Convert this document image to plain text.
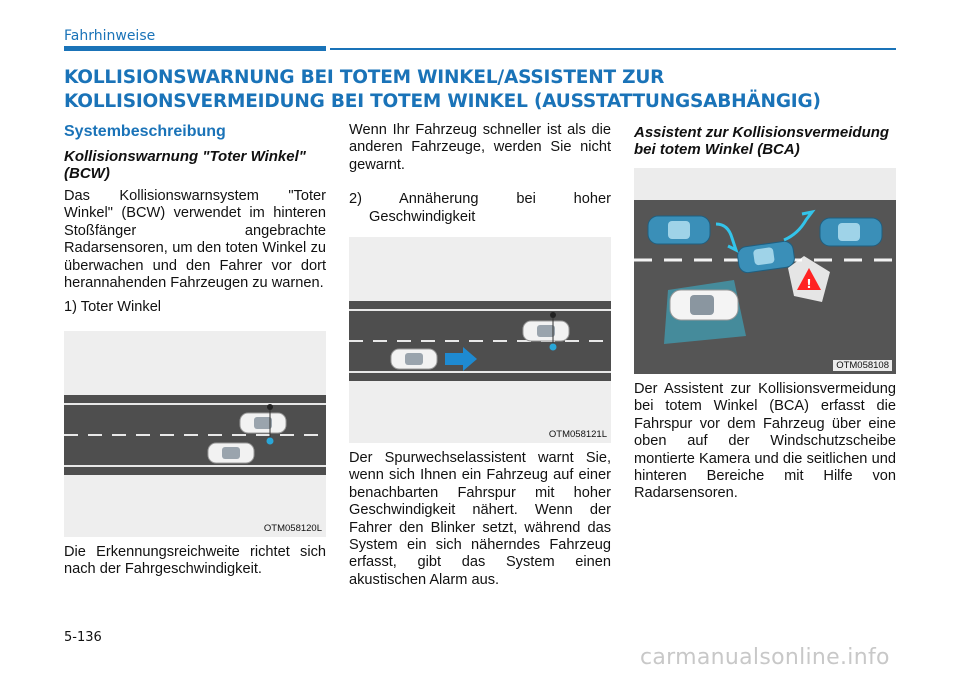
Fahrhinweise
KOLLISIONSWARNUNG BEI TOTEM WINKEL/ASSISTENT ZUR KOLLISIONSVERMEIDUNG BEI TOTEM WINKEL (AUSSTATTUNGSABHÄNGIG)
Systembeschreibung
Kollisionswarnung "Toter Winkel" (BCW)

Das Kollisionswarnsystem "Toter Winkel" (BCW) verwendet im hinteren Stoßfänger angebrachte Radarsensoren, um den toten Winkel zu überwachen und den Fahrer vor dort herannahenden Fahrzeugen zu warnen.

1) Toter Winkel
OTM058120L

Die Erkennungsreichweite richtet sich nach der Fahrgeschwindigkeit.

Wenn Ihr Fahrzeug schneller ist als die anderen Fahrzeuge, werden Sie nicht gewarnt.

2) Annäherung bei hoher Geschwindigkeit
OTM058121L

Der Spurwechselassistent warnt Sie, wenn sich Ihnen ein Fahrzeug auf einer benachbarten Fahrspur mit hoher Geschwindigkeit nähert. Wenn der Fahrer den Blinker setzt, während das System ein sich näherndes Fahrzeug erfasst, gibt das System einen akustischen Alarm aus.

Assistent zur Kollisionsvermeidung bei totem Winkel (BCA)
!
OTM058108

Der Assistent zur Kollisionsvermeidung bei totem Winkel (BCA) erfasst die Fahrspur vor dem Fahrzeug über eine oben auf der Windschutzscheibe montierte Kamera und die seitlichen und hinteren Bereiche mit Hilfe von Radarsensoren.

5-136
carmanualsonline.info
